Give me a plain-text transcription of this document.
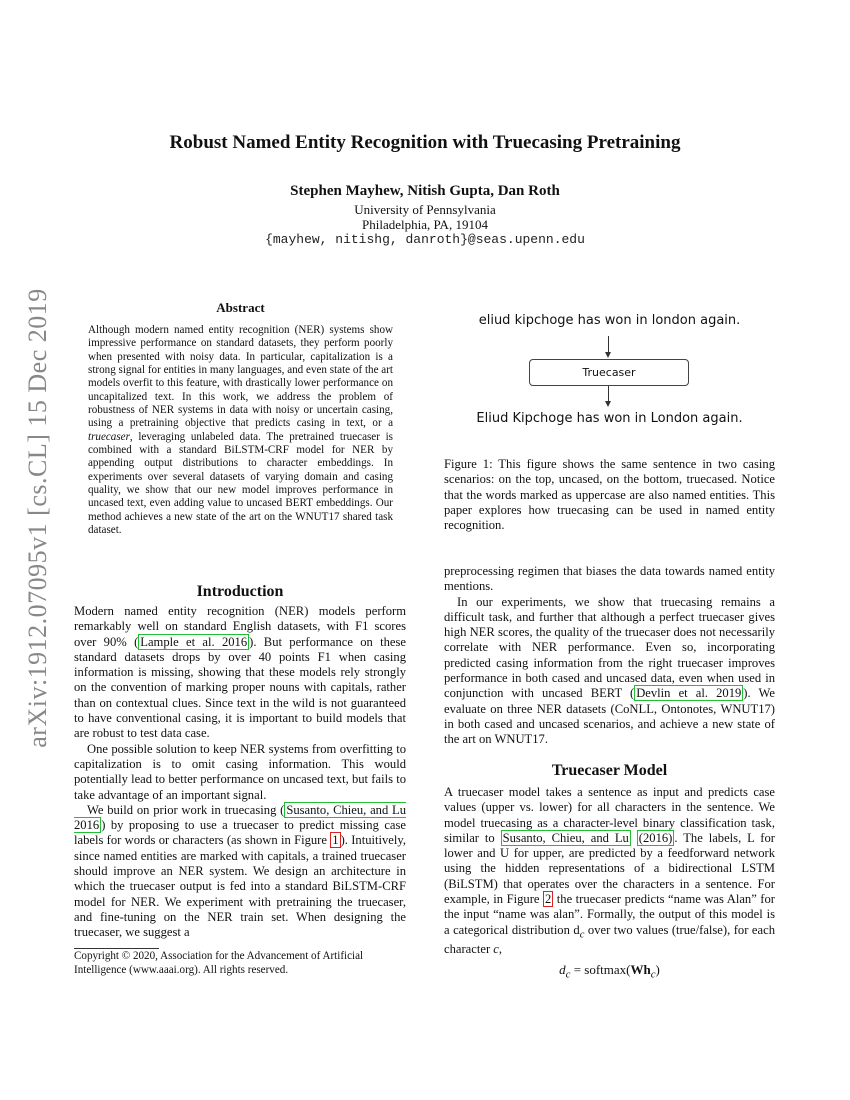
Robust Named Entity Recognition with Truecasing Pretraining
Stephen Mayhew, Nitish Gupta, Dan Roth
University of Pennsylvania
Philadelphia, PA, 19104
{mayhew, nitishg, danroth}@seas.upenn.edu
arXiv:1912.07095v1 [cs.CL] 15 Dec 2019	Abstract
Although modern named entity recognition (NER) systems show impressive performance on standard datasets, they perform poorly when presented with noisy data. In particular, capitalization is a strong signal for entities in many languages, and even state of the art models overfit to this feature, with drastically lower performance on uncapitalized text. In this work, we address the problem of robustness of NER systems in data with noisy or uncertain casing, using a pretraining objective that predicts casing in text, or a truecaser, leveraging unlabeled data. The pretrained truecaser is combined with a standard BiLSTM-CRF model for NER by appending output distributions to character embeddings. In experiments over several datasets of varying domain and casing quality, we show that our new model improves performance in uncased text, even adding value to uncased BERT embeddings. Our method achieves a new state of the art on the WNUT17 shared task dataset.
Introduction

Modern named entity recognition (NER) models perform remarkably well on standard English datasets, with F1 scores over 90% ( Lample et al. 2016 ). But performance on these standard datasets drops by over 40 points F1 when casing information is missing, showing that these models rely strongly on the convention of marking proper nouns with capitals, rather than on contextual clues. Since text in the wild is not guaranteed to have conventional casing, it is important to build models that are robust to test data case.

One possible solution to keep NER systems from overfitting to capitalization is to omit casing information. This would potentially lead to better performance on uncased text, but fails to take advantage of an important signal.

We build on prior work in truecasing ( Susanto, Chieu, and Lu 2016 ) by proposing to use a truecaser to predict missing case labels for words or characters (as shown in Figure 1 ). Intuitively, since named entities are marked with capitals, a trained truecaser should improve an NER system. We design an architecture in which the truecaser output is fed into a standard BiLSTM-CRF model for NER. We experiment with pretraining the truecaser, and fine-tuning on the NER train set. When designing the truecaser, we suggest a

eliud kipchoge has won in london again.
Truecaser
Eliud Kipchoge has won in London again.
Figure 1: This figure shows the same sentence in two casing scenarios: on the top, uncased, on the bottom, truecased. Notice that the words marked as uppercase are also named entities. This paper explores how truecasing can be used in named entity recognition.

preprocessing regimen that biases the data towards named entity mentions.

In our experiments, we show that truecasing remains a difficult task, and further that although a perfect truecaser gives high NER scores, the quality of the truecaser does not necessarily correlate with NER performance. Even so, incorporating predicted casing information from the right truecaser improves performance in both cased and uncased data, even when used in conjunction with uncased BERT ( Devlin et al. 2019 ). We evaluate on three NER datasets (CoNLL, Ontonotes, WNUT17) in both cased and uncased scenarios, and achieve a new state of the art on WNUT17.

Truecaser Model

A truecaser model takes a sentence as input and predicts case values (upper vs. lower) for all characters in the sentence. We model truecasing as a character-level binary classification task, similar to Susanto, Chieu, and Lu (2016) . The labels, L for lower and U for upper, are predicted by a feedforward network using the hidden representations of a bidirectional LSTM (BiLSTM) that operates over the characters in a sentence. For example, in Figure 2 the truecaser predicts “name was Alan” for the input “name was alan”. Formally, the output of this model is a categorical distribution $d_c$ over two values (true/false), for each character c,

$d_c$ = $softmax(Wh_c)$
Copyright © 2020, Association for the Advancement of Artificial Intelligence (www.aaai.org). All rights reserved.
